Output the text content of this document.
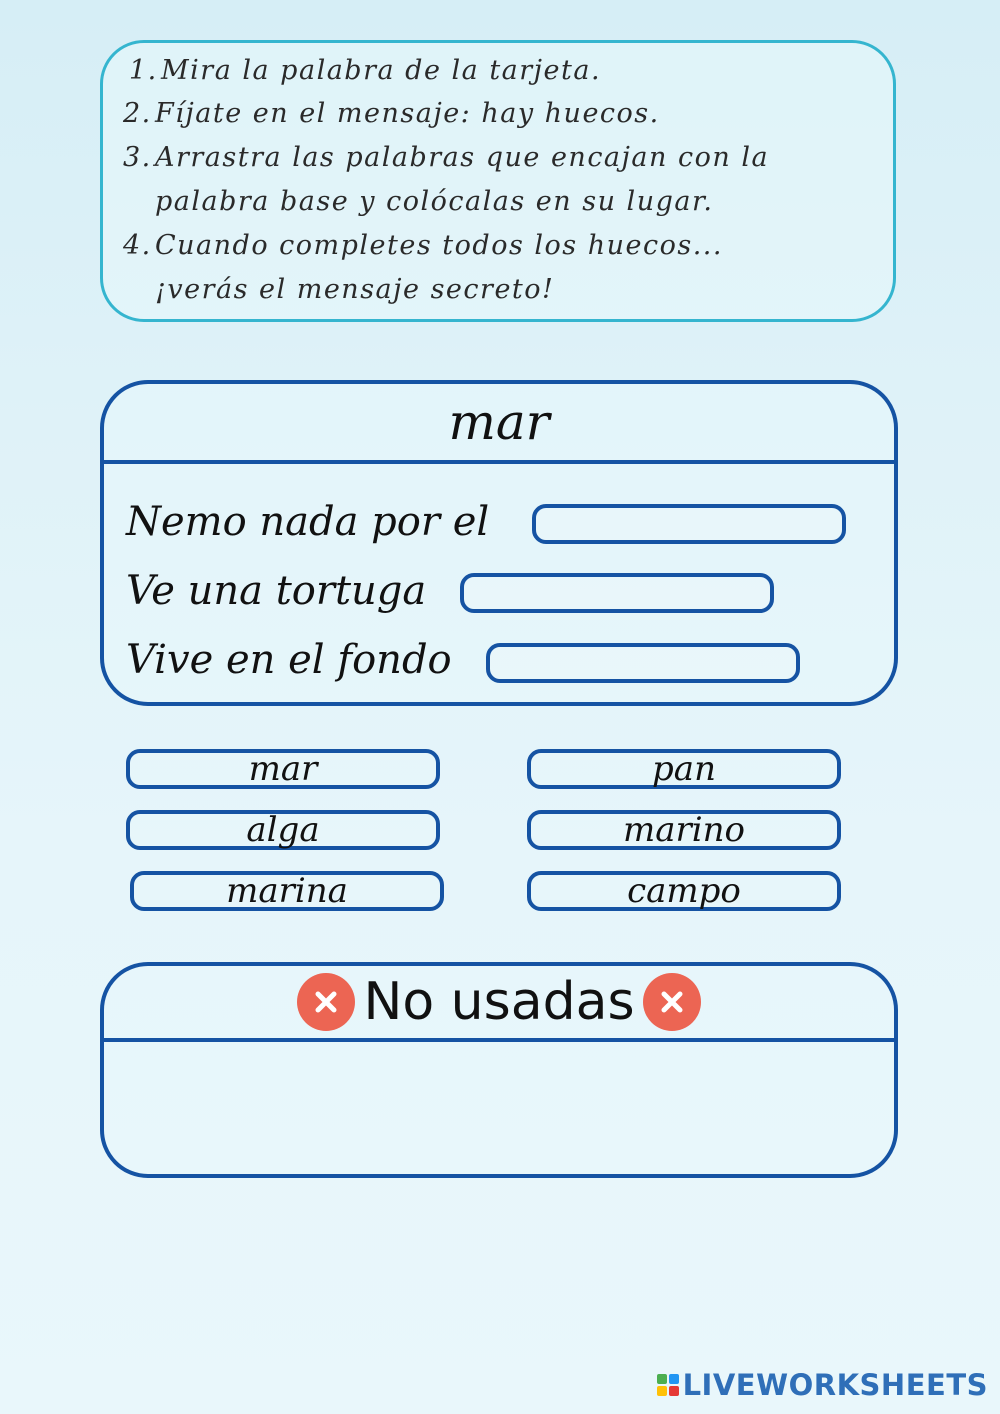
1. Mira la palabra de la tarjeta.
2. Fíjate en el mensaje: hay huecos.
3. Arrastra las palabras que encajan con la
palabra base y colócalas en su lugar.
4. Cuando completes todos los huecos...
¡verás el mensaje secreto!
mar
Nemo nada por el
Ve una tortuga
Vive en el fondo
mar
alga
marina
pan
marino
campo
No usadas
LIVEWORKSHEETS
